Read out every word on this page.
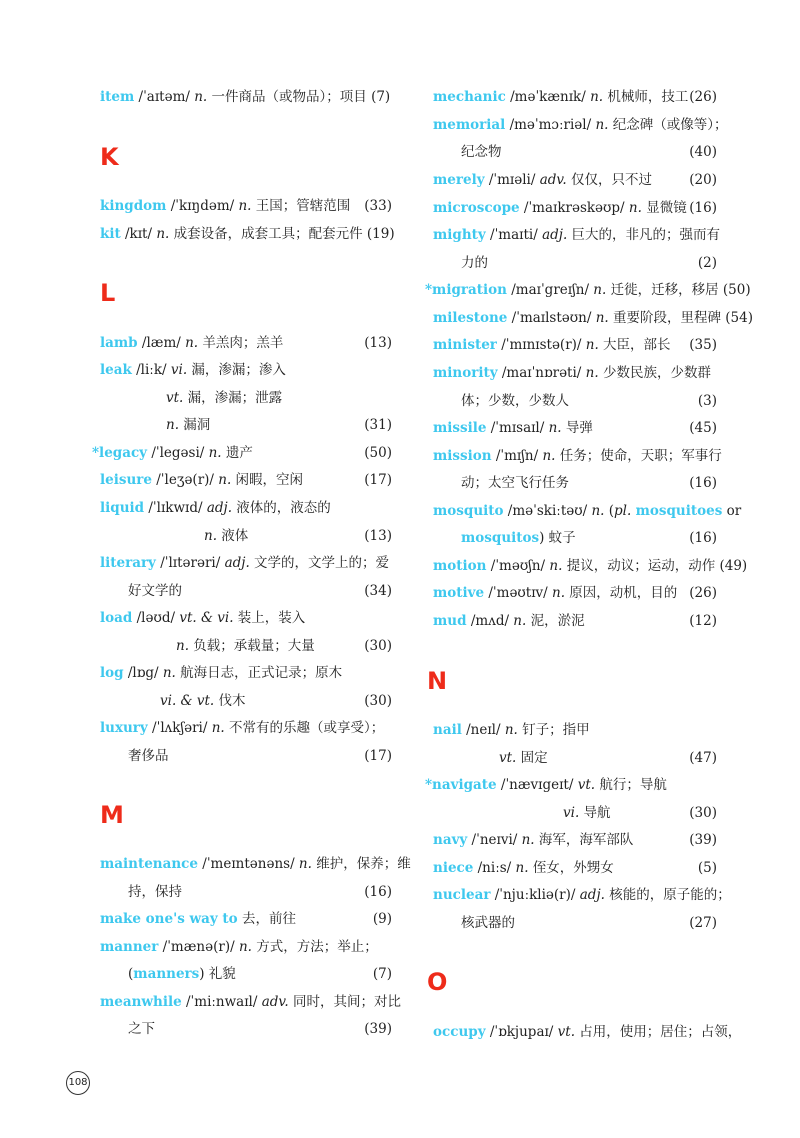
item /ˈaɪtəm/ n. 一件商品（或物品）；项目 (7)
K
kingdom /ˈkɪŋdəm/ n. 王国；管辖范围 (33)
kit /kɪt/ n. 成套设备，成套工具；配套元件 (19)
L
lamb /læm/ n. 羊羔肉；羔羊	(13)
leak /liːk/ vi. 漏，渗漏；渗入
vt. 漏，渗漏；泄露
n. 漏洞	(31)
*legacy /ˈlegəsi/ n. 遗产	(50)
leisure /ˈleʒə(r)/ n. 闲暇，空闲	(17)
liquid /ˈlɪkwɪd/ adj. 液体的，液态的
n. 液体	(13)
literary /ˈlɪtərəri/ adj. 文学的，文学上的；爱
好文学的	(34)
load /ləʊd/ vt. & vi. 装上，装入
n. 负载；承载量；大量	(30)
log /lɒg/ n. 航海日志，正式记录；原木
vi. & vt. 伐木	(30)
luxury /ˈlʌkʃəri/ n. 不常有的乐趣（或享受）；
奢侈品	(17)
M
maintenance /ˈmeɪntənəns/ n. 维护，保养；维
持，保持	(16)
make one's way to 去，前往	(9)
manner /ˈmænə(r)/ n. 方式，方法；举止；
(manners) 礼貌	(7)
meanwhile /ˈmiːnwaɪl/ adv. 同时，其间；对比
之下	(39)
mechanic /məˈkænɪk/ n. 机械师，技工 (26)
memorial /məˈmɔːriəl/ n. 纪念碑（或像等）；
纪念物	(40)
merely /ˈmɪəli/ adv. 仅仅，只不过	(20)
microscope /ˈmaɪkrəskəʊp/ n. 显微镜 (16)
mighty /ˈmaɪti/ adj. 巨大的，非凡的；强而有
力的	(2)
*migration /maɪˈgreɪʃn/ n. 迁徙，迁移，移居 (50)
milestone /ˈmaɪlstəʊn/ n. 重要阶段，里程碑 (54)
minister /ˈmɪnɪstə(r)/ n. 大臣，部长 (35)
minority /maɪˈnɒrəti/ n. 少数民族，少数群
体；少数，少数人	(3)
missile /ˈmɪsaɪl/ n. 导弹	(45)
mission /ˈmɪʃn/ n. 任务；使命，天职；军事行
动；太空飞行任务	(16)
mosquito /məˈskiːtəʊ/ n. (pl. mosquitoes or
mosquitos) 蚊子	(16)
motion /ˈməʊʃn/ n. 提议，动议；运动，动作 (49)
motive /ˈməʊtɪv/ n. 原因，动机，目的 (26)
mud /mʌd/ n. 泥，淤泥	(12)
N
nail /neɪl/ n. 钉子；指甲
vt. 固定	(47)
*navigate /ˈnævɪgeɪt/ vt. 航行；导航
vi. 导航	(30)
navy /ˈneɪvi/ n. 海军，海军部队	(39)
niece /niːs/ n. 侄女，外甥女	(5)
nuclear /ˈnjuːkliə(r)/ adj. 核能的，原子能的；
核武器的	(27)
O
occupy /ˈɒkjupaɪ/ vt. 占用，使用；居住；占领，
108
